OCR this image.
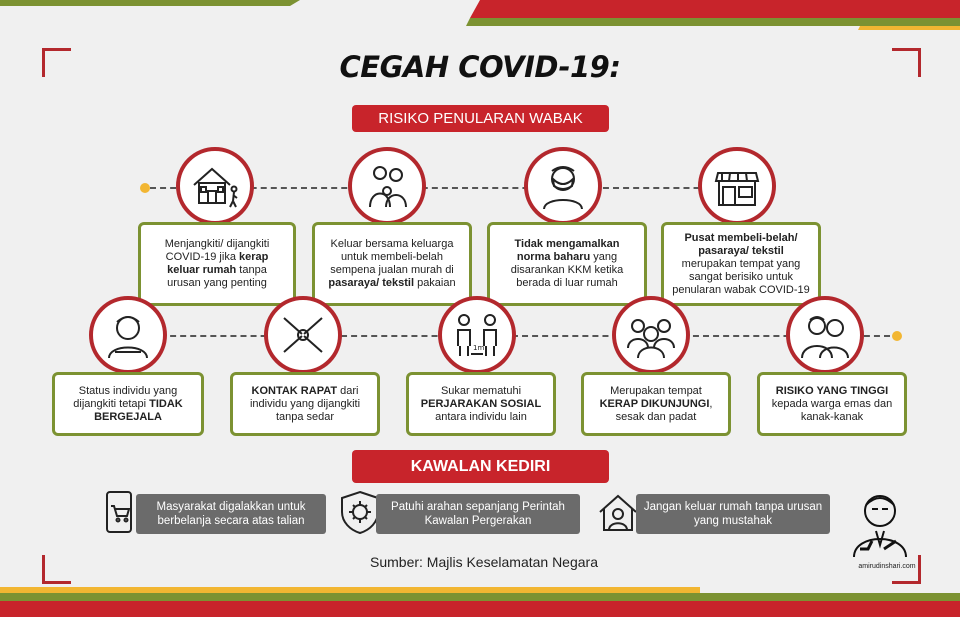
CEGAH COVID-19:
RISIKO PENULARAN WABAK
Menjangkiti/ dijangkiti COVID-19 jika kerap keluar rumah tanpa urusan yang penting
Keluar bersama keluarga untuk membeli-belah sempena jualan murah di pasaraya/ tekstil pakaian
Tidak mengamalkan norma baharu yang disarankan KKM ketika berada di luar rumah
Pusat membeli-belah/ pasaraya/ tekstil merupakan tempat yang sangat berisiko untuk penularan wabak COVID-19
1m
Status individu yang dijangkiti tetapi TIDAK BERGEJALA
KONTAK RAPAT dari individu yang dijangkiti tanpa sedar
Sukar mematuhi PERJARAKAN SOSIAL antara individu lain
Merupakan tempat KERAP DIKUNJUNGI, sesak dan padat
RISIKO YANG TINGGI kepada warga emas dan kanak-kanak
KAWALAN KEDIRI
Masyarakat digalakkan untuk berbelanja secara atas talian
Patuhi arahan sepanjang Perintah Kawalan Pergerakan
Jangan keluar rumah tanpa urusan yang mustahak
amirudinshari.com
Sumber: Majlis Keselamatan Negara
